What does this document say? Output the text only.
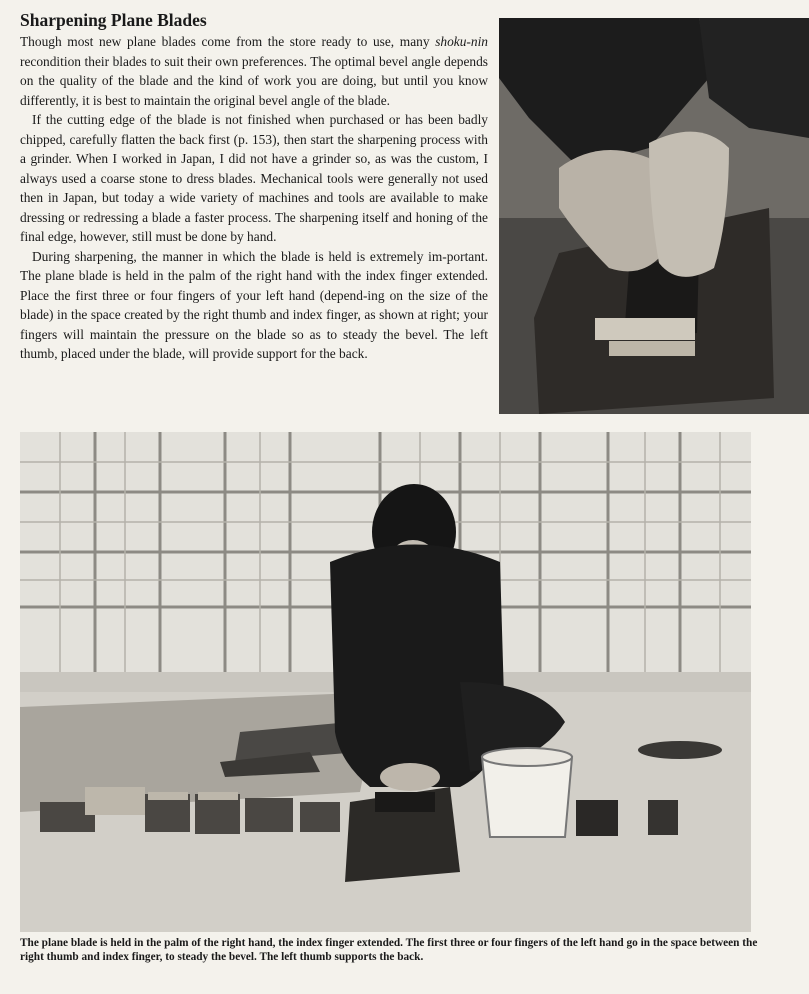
Sharpening Plane Blades

Though most new plane blades come from the store ready to use, many shoku-nin recondition their blades to suit their own preferences. The optimal bevel angle depends on the quality of the blade and the kind of work you are doing, but until you know differently, it is best to maintain the original bevel angle of the blade.

If the cutting edge of the blade is not finished when purchased or has been badly chipped, carefully flatten the back first (p. 153), then start the sharpening process with a grinder. When I worked in Japan, I did not have a grinder so, as was the custom, I always used a coarse stone to dress blades. Mechanical tools were generally not used then in Japan, but today a wide variety of machines and tools are available to make dressing or redressing a blade a faster process. The sharpening itself and honing of the final edge, however, still must be done by hand.

During sharpening, the manner in which the blade is held is extremely im-portant. The plane blade is held in the palm of the right hand with the index finger extended. Place the first three or four fingers of your left hand (depend-ing on the size of the blade) in the space created by the right thumb and index finger, as shown at right; your fingers will maintain the pressure on the blade so as to steady the bevel. The left thumb, placed under the blade, will provide support for the back.

The plane blade is held in the palm of the right hand, the index finger extended. The first three or four fingers of the left hand go in the space between the right thumb and index finger, to steady the bevel. The left thumb supports the back.
